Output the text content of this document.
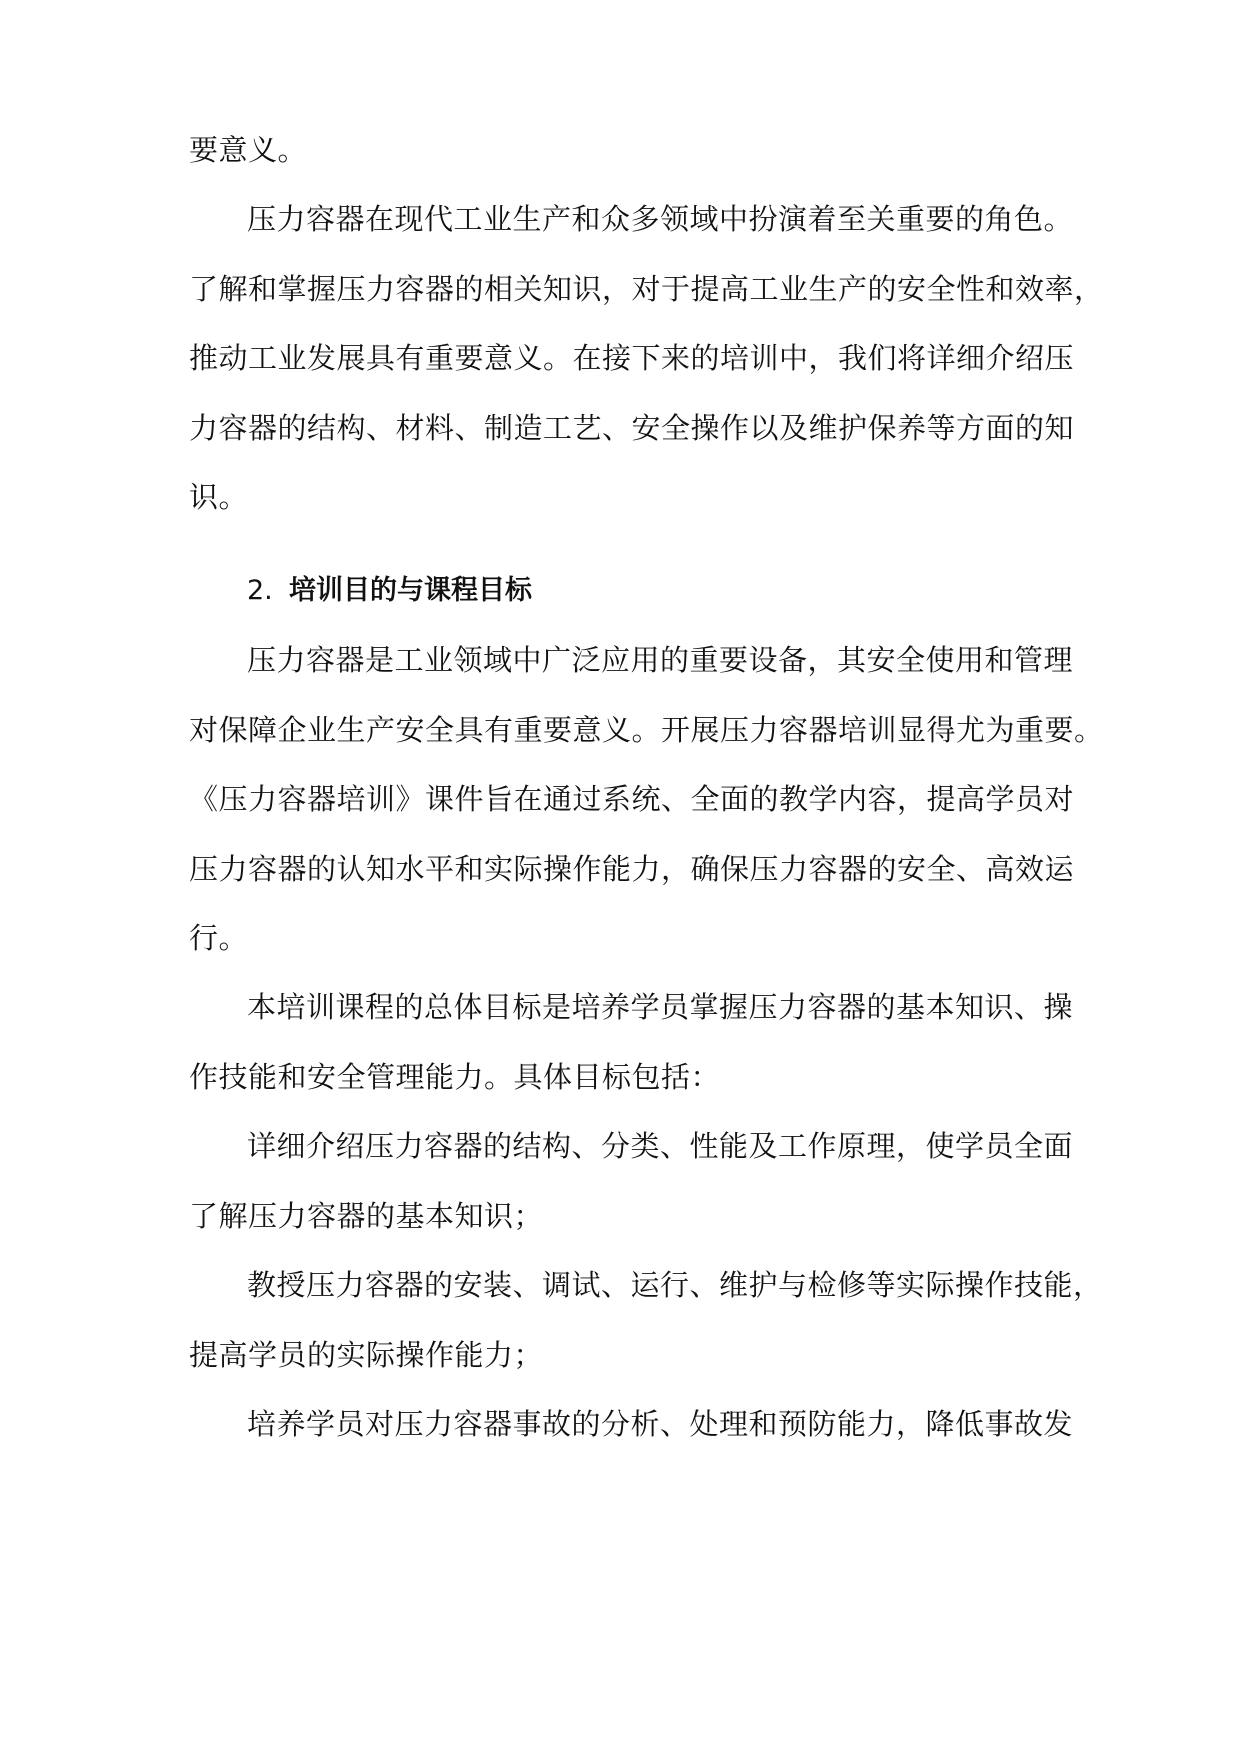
要意义。
压力容器在现代工业生产和众多领域中扮演着至关重要的角色。
了解和掌握压力容器的相关知识，对于提高工业生产的安全性和效率，
推动工业发展具有重要意义。在接下来的培训中，我们将详细介绍压
力容器的结构、材料、制造工艺、安全操作以及维护保养等方面的知
识。
2. 培训目的与课程目标
压力容器是工业领域中广泛应用的重要设备，其安全使用和管理
对保障企业生产安全具有重要意义。开展压力容器培训显得尤为重要。
《压力容器培训》课件旨在通过系统、全面的教学内容，提高学员对
压力容器的认知水平和实际操作能力，确保压力容器的安全、高效运
行。
本培训课程的总体目标是培养学员掌握压力容器的基本知识、操
作技能和安全管理能力。具体目标包括：
详细介绍压力容器的结构、分类、性能及工作原理，使学员全面
了解压力容器的基本知识；
教授压力容器的安装、调试、运行、维护与检修等实际操作技能，
提高学员的实际操作能力；
培养学员对压力容器事故的分析、处理和预防能力，降低事故发
